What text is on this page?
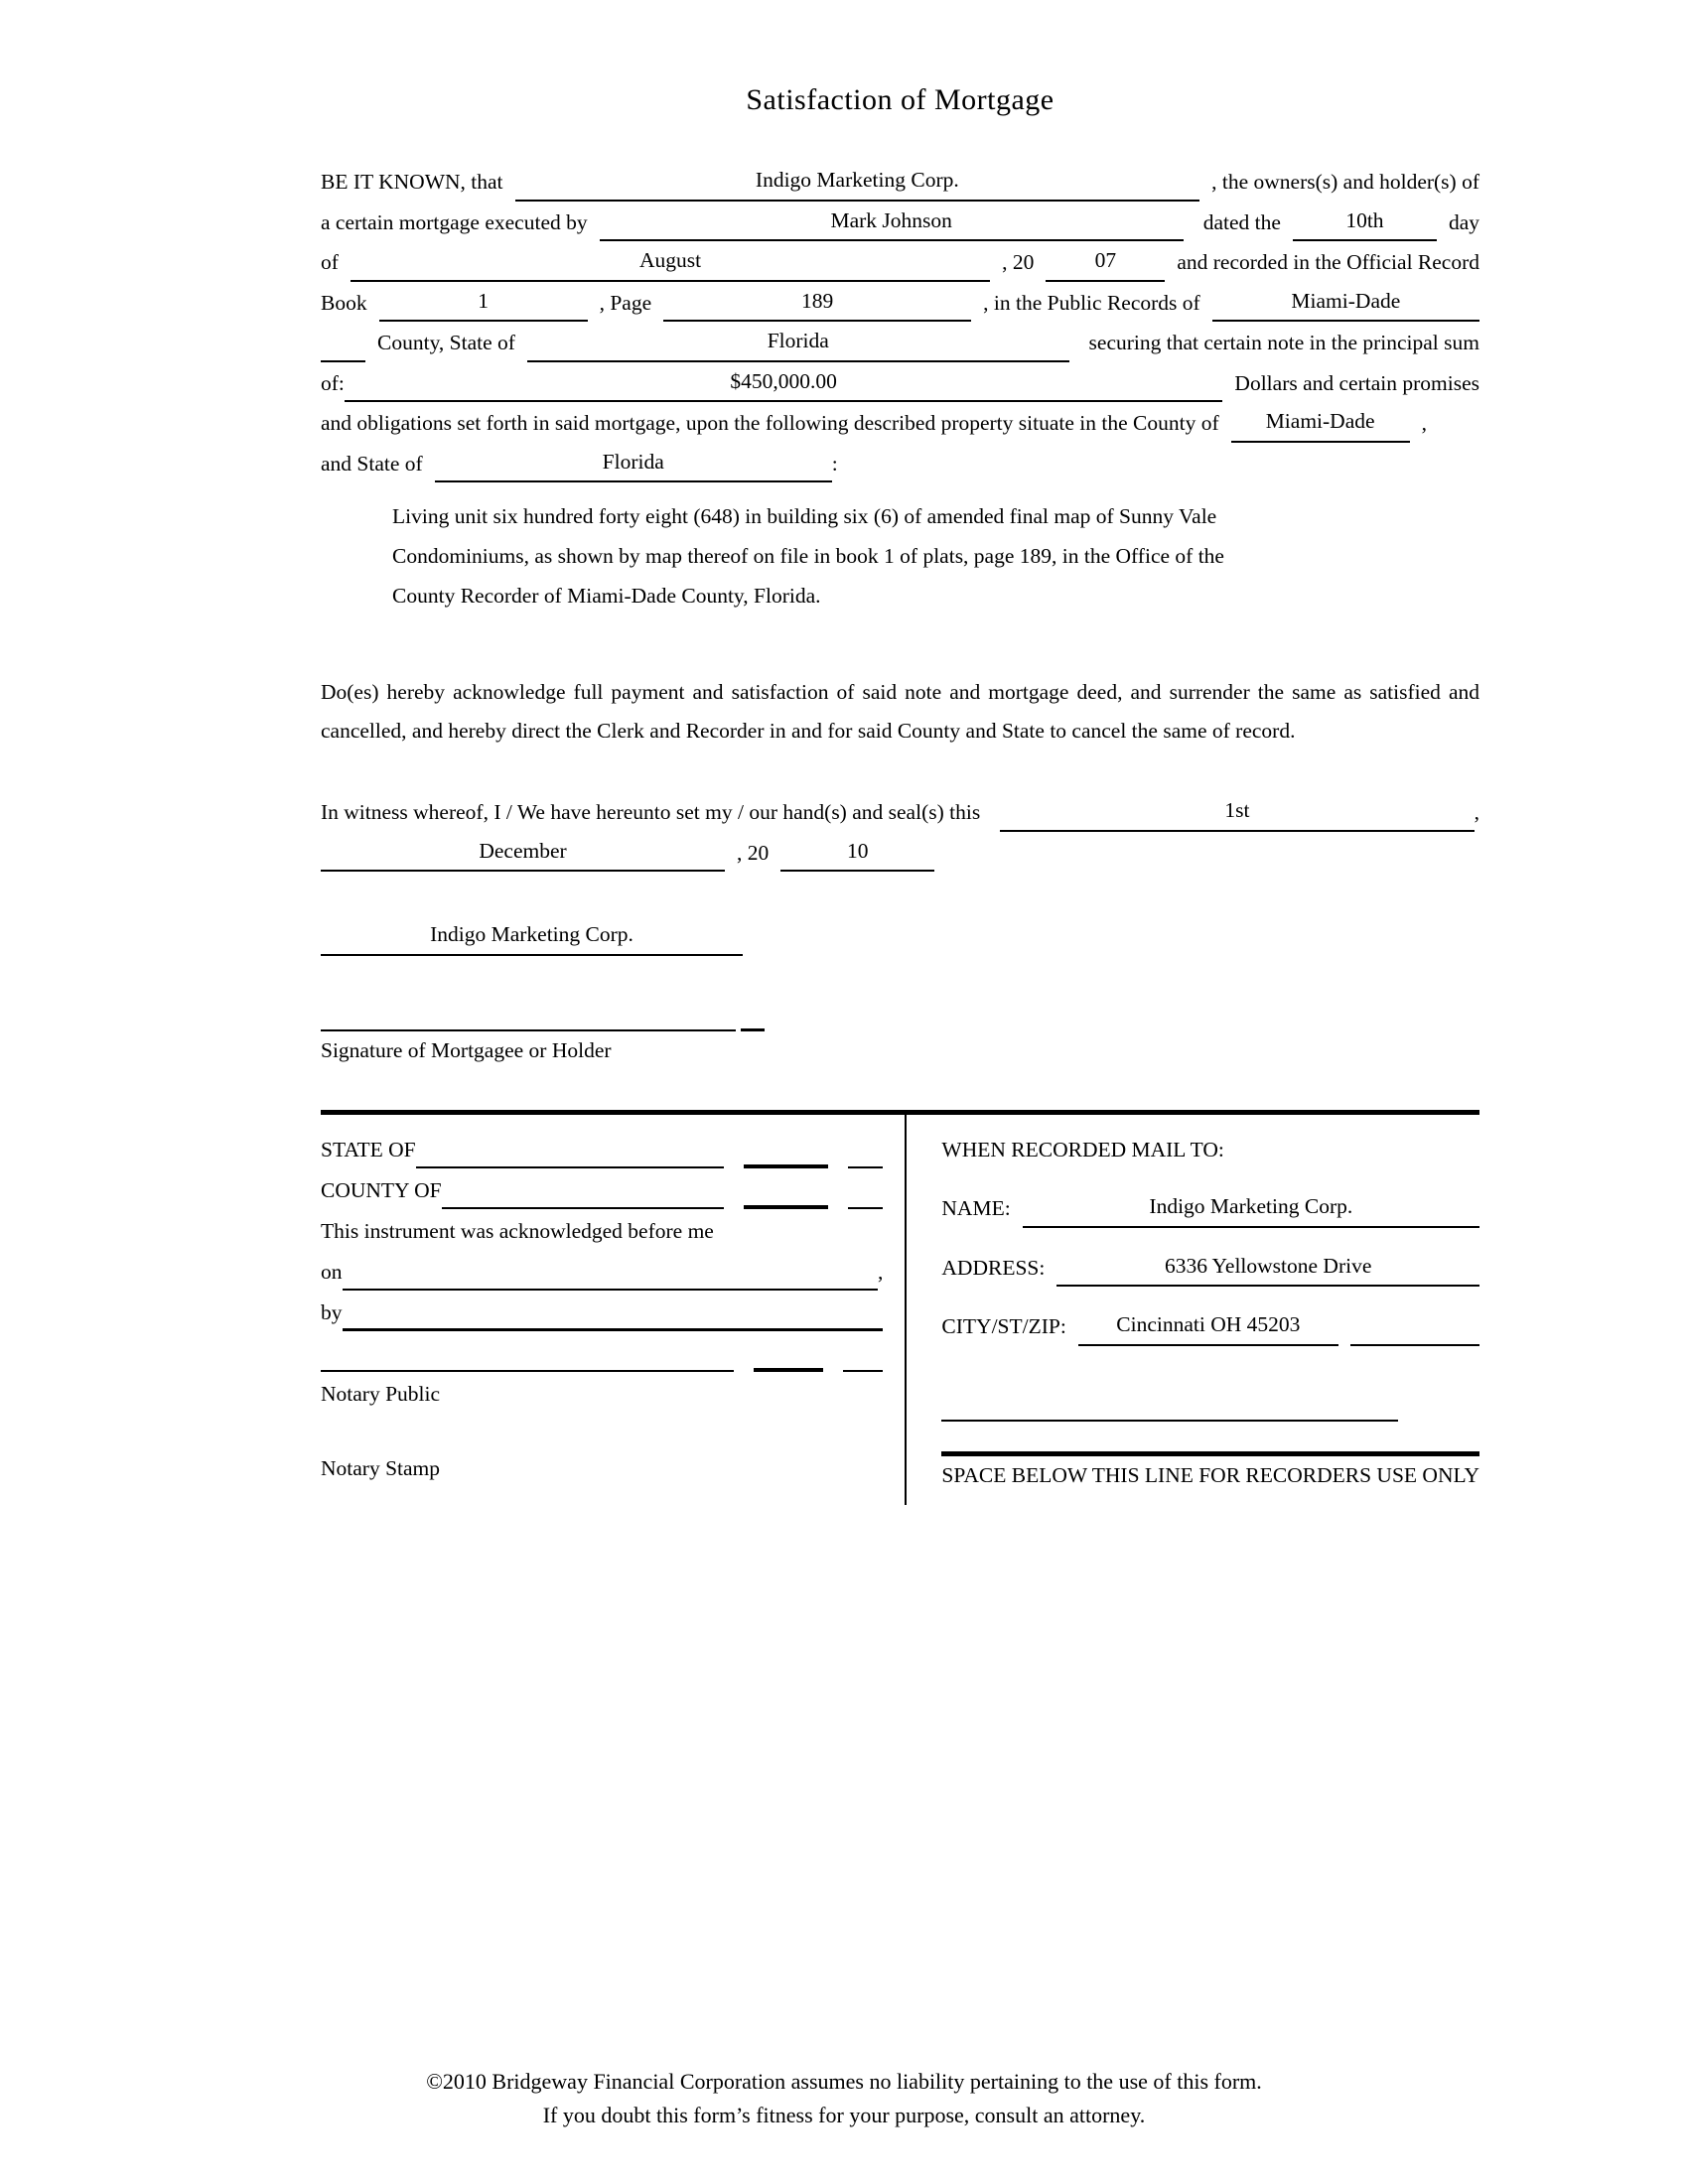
Satisfaction of Mortgage
BE IT KNOWN, that	Indigo Marketing Corp.	, the owners(s) and holder(s) of
a certain mortgage executed by	Mark Johnson	dated the	10th	day
of	August	, 20	07	and recorded in the Official Record
Book	1	, Page	189	, in the Public Records of	Miami-Dade
County, State of	Florida	securing that certain note in the principal sum
of:	$450,000.00	Dollars and certain promises
and obligations set forth in said mortgage, upon the following described property situate in the County of	Miami-Dade	,
and State of	Florida	:
Living unit six hundred forty eight (648) in building six (6) of amended final map of Sunny Vale
Condominiums, as shown by map thereof on file in book 1 of plats, page 189, in the Office of the
County Recorder of Miami-Dade County, Florida.
Do(es) hereby acknowledge full payment and satisfaction of said note and mortgage deed, and surrender the same as satisfied and cancelled, and hereby direct the Clerk and Recorder in and for said County and State to cancel the same of record.
In witness whereof, I / We have hereunto set my / our hand(s) and seal(s) this	1st	,
December	, 20	10
Indigo Marketing Corp.
Signature of Mortgagee or Holder
STATE OF
COUNTY OF
This instrument was acknowledged before me
on	,
by
Notary Public
Notary Stamp
WHEN RECORDED MAIL TO:
NAME:	Indigo Marketing Corp.
ADDRESS:	6336 Yellowstone Drive
CITY/ST/ZIP:	Cincinnati OH 45203
SPACE BELOW THIS LINE FOR RECORDERS USE ONLY
©2010 Bridgeway Financial Corporation assumes no liability pertaining to the use of this form.
If you doubt this form’s fitness for your purpose, consult an attorney.
